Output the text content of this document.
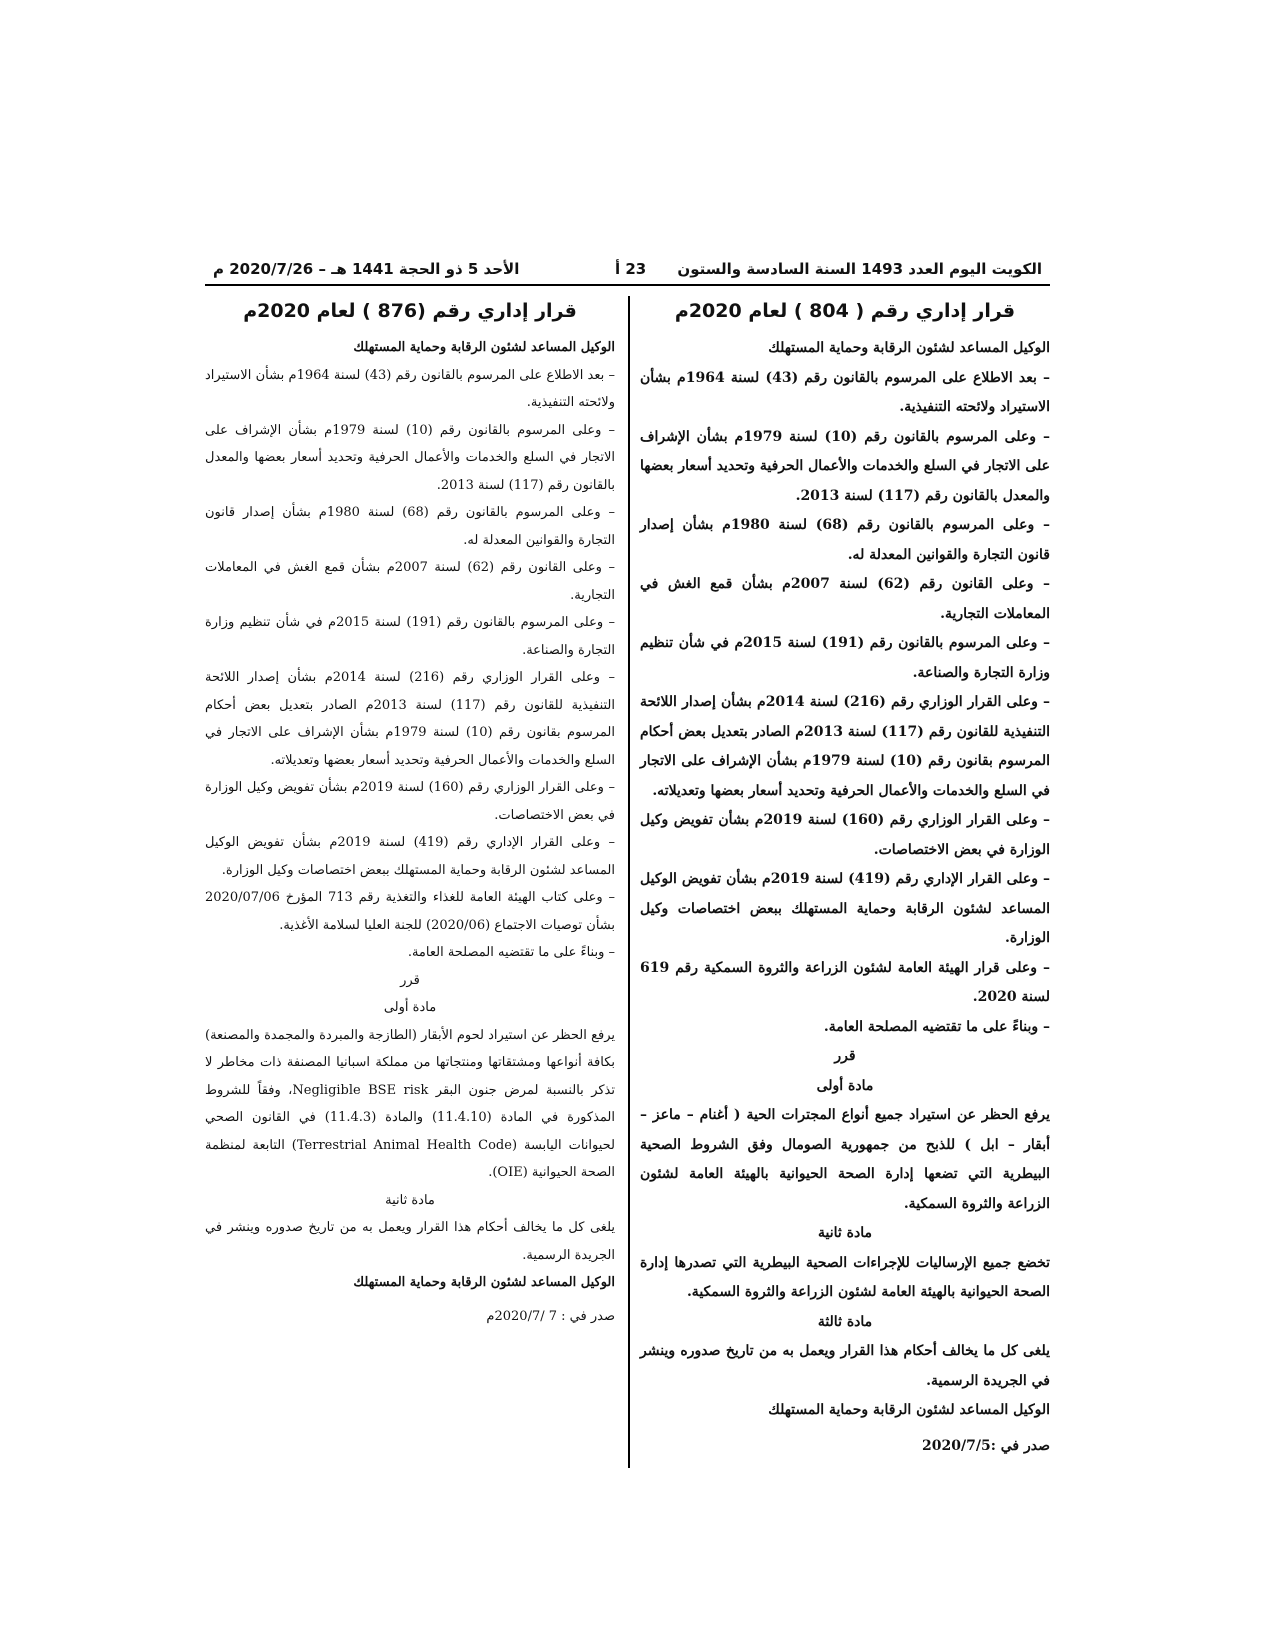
الكويت اليوم العدد 1493 السنة السادسة والستون
23 أ
الأحد 5 ذو الحجة 1441 هـ – 2020/7/26 م
قرار إداري رقم ( 804 ) لعام 2020م
الوكيل المساعد لشئون الرقابة وحماية المستهلك
– بعد الاطلاع على المرسوم بالقانون رقم (43) لسنة 1964م بشأن الاستيراد ولائحته التنفيذية.
– وعلى المرسوم بالقانون رقم (10) لسنة 1979م بشأن الإشراف على الاتجار في السلع والخدمات والأعمال الحرفية وتحديد أسعار بعضها والمعدل بالقانون رقم (117) لسنة 2013.
– وعلى المرسوم بالقانون رقم (68) لسنة 1980م بشأن إصدار قانون التجارة والقوانين المعدلة له.
– وعلى القانون رقم (62) لسنة 2007م بشأن قمع الغش في المعاملات التجارية.
– وعلى المرسوم بالقانون رقم (191) لسنة 2015م في شأن تنظيم وزارة التجارة والصناعة.
– وعلى القرار الوزاري رقم (216) لسنة 2014م بشأن إصدار اللائحة التنفيذية للقانون رقم (117) لسنة 2013م الصادر بتعديل بعض أحكام المرسوم بقانون رقم (10) لسنة 1979م بشأن الإشراف على الاتجار في السلع والخدمات والأعمال الحرفية وتحديد أسعار بعضها وتعديلاته.
– وعلى القرار الوزاري رقم (160) لسنة 2019م بشأن تفويض وكيل الوزارة في بعض الاختصاصات.
– وعلى القرار الإداري رقم (419) لسنة 2019م بشأن تفويض الوكيل المساعد لشئون الرقابة وحماية المستهلك ببعض اختصاصات وكيل الوزارة.
– وعلى قرار الهيئة العامة لشئون الزراعة والثروة السمكية رقم 619 لسنة 2020.
– وبناءً على ما تقتضيه المصلحة العامة.
قرر
مادة أولى
يرفع الحظر عن استيراد جميع أنواع المجترات الحية ( أغنام – ماعز – أبقار – ابل ) للذبح من جمهورية الصومال وفق الشروط الصحية البيطرية التي تضعها إدارة الصحة الحيوانية بالهيئة العامة لشئون الزراعة والثروة السمكية.
مادة ثانية
تخضع جميع الإرساليات للإجراءات الصحية البيطرية التي تصدرها إدارة الصحة الحيوانية بالهيئة العامة لشئون الزراعة والثروة السمكية.
مادة ثالثة
يلغى كل ما يخالف أحكام هذا القرار ويعمل به من تاريخ صدوره وينشر في الجريدة الرسمية.
الوكيل المساعد لشئون الرقابة وحماية المستهلك
صدر في :2020/7/5
قرار إداري رقم (876 ) لعام 2020م
الوكيل المساعد لشئون الرقابة وحماية المستهلك
– بعد الاطلاع على المرسوم بالقانون رقم (43) لسنة 1964م بشأن الاستيراد ولائحته التنفيذية.
– وعلى المرسوم بالقانون رقم (10) لسنة 1979م بشأن الإشراف على الاتجار في السلع والخدمات والأعمال الحرفية وتحديد أسعار بعضها والمعدل بالقانون رقم (117) لسنة 2013.
– وعلى المرسوم بالقانون رقم (68) لسنة 1980م بشأن إصدار قانون التجارة والقوانين المعدلة له.
– وعلى القانون رقم (62) لسنة 2007م بشأن قمع الغش في المعاملات التجارية.
– وعلى المرسوم بالقانون رقم (191) لسنة 2015م في شأن تنظيم وزارة التجارة والصناعة.
– وعلى القرار الوزاري رقم (216) لسنة 2014م بشأن إصدار اللائحة التنفيذية للقانون رقم (117) لسنة 2013م الصادر بتعديل بعض أحكام المرسوم بقانون رقم (10) لسنة 1979م بشأن الإشراف على الاتجار في السلع والخدمات والأعمال الحرفية وتحديد أسعار بعضها وتعديلاته.
– وعلى القرار الوزاري رقم (160) لسنة 2019م بشأن تفويض وكيل الوزارة في بعض الاختصاصات.
– وعلى القرار الإداري رقم (419) لسنة 2019م بشأن تفويض الوكيل المساعد لشئون الرقابة وحماية المستهلك ببعض اختصاصات وكيل الوزارة.
– وعلى كتاب الهيئة العامة للغذاء والتغذية رقم 713 المؤرخ 2020/07/06 بشأن توصيات الاجتماع (2020/06) للجنة العليا لسلامة الأغذية.
– وبناءً على ما تقتضيه المصلحة العامة.
قرر
مادة أولى
يرفع الحظر عن استيراد لحوم الأبقار (الطازجة والمبردة والمجمدة والمصنعة) بكافة أنواعها ومشتقاتها ومنتجاتها من مملكة اسبانيا المصنفة ذات مخاطر لا تذكر بالنسبة لمرض جنون البقر Negligible BSE risk، وفقاً للشروط المذكورة في المادة (11.4.10) والمادة (11.4.3) في القانون الصحي لحيوانات اليابسة (Terrestrial Animal Health Code) التابعة لمنظمة الصحة الحيوانية (OIE).
مادة ثانية
يلغى كل ما يخالف أحكام هذا القرار ويعمل به من تاريخ صدوره وينشر في الجريدة الرسمية.
الوكيل المساعد لشئون الرقابة وحماية المستهلك
صدر في : 7 /2020/7م
